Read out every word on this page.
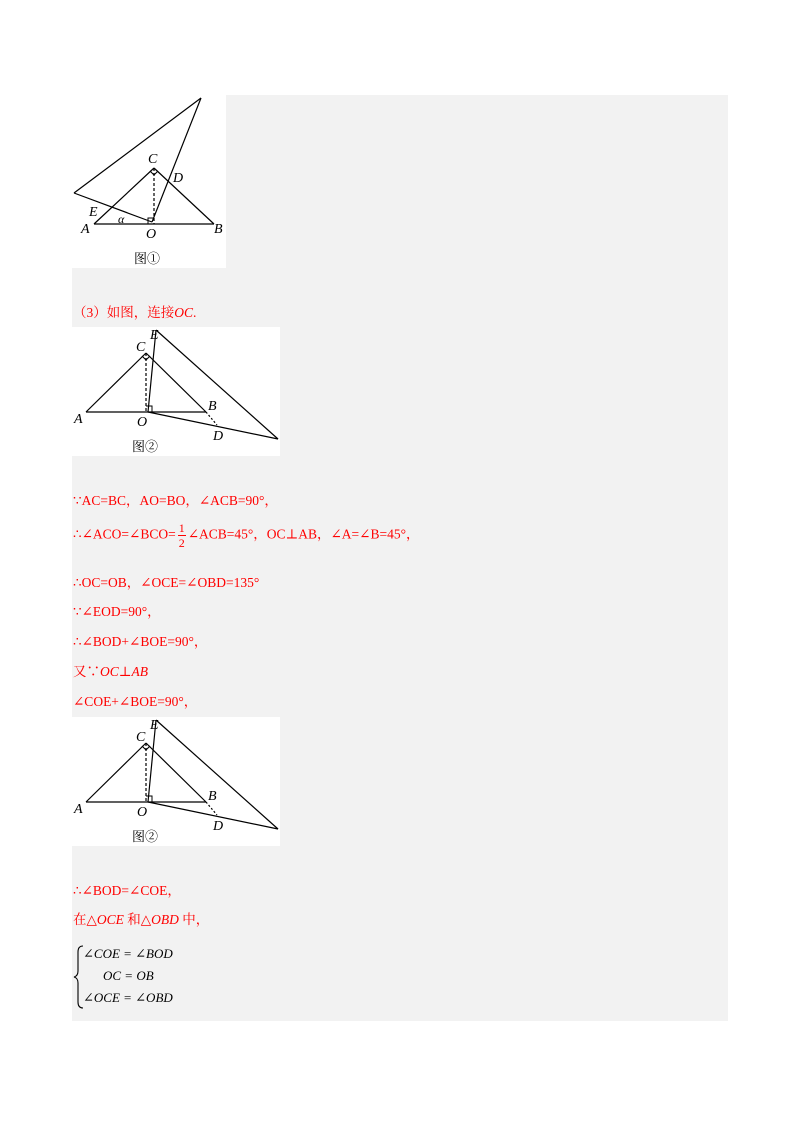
C
D
E α
A	O	B
图①
（3）如图，连接OC.
E
C
A
B
O
D
图②
∵AC=BC，AO=BO，∠ACB=90°，
∴∠ACO=∠BCO= $\frac{1}{2}$ ∠ACB=45°，OC⊥AB，∠A=∠B=45°，
∴OC=OB，∠OCE=∠OBD=135°
∵∠EOD=90°，
∴∠BOD+∠BOE=90°，
又∵OC⊥AB
∠COE+∠BOE=90°，
E
C
A
B
O
D
图②
∴∠BOD=∠COE，
在△OCE 和△OBD 中，
∠COE = ∠BOD
OC = OB
∠OCE = ∠OBD
